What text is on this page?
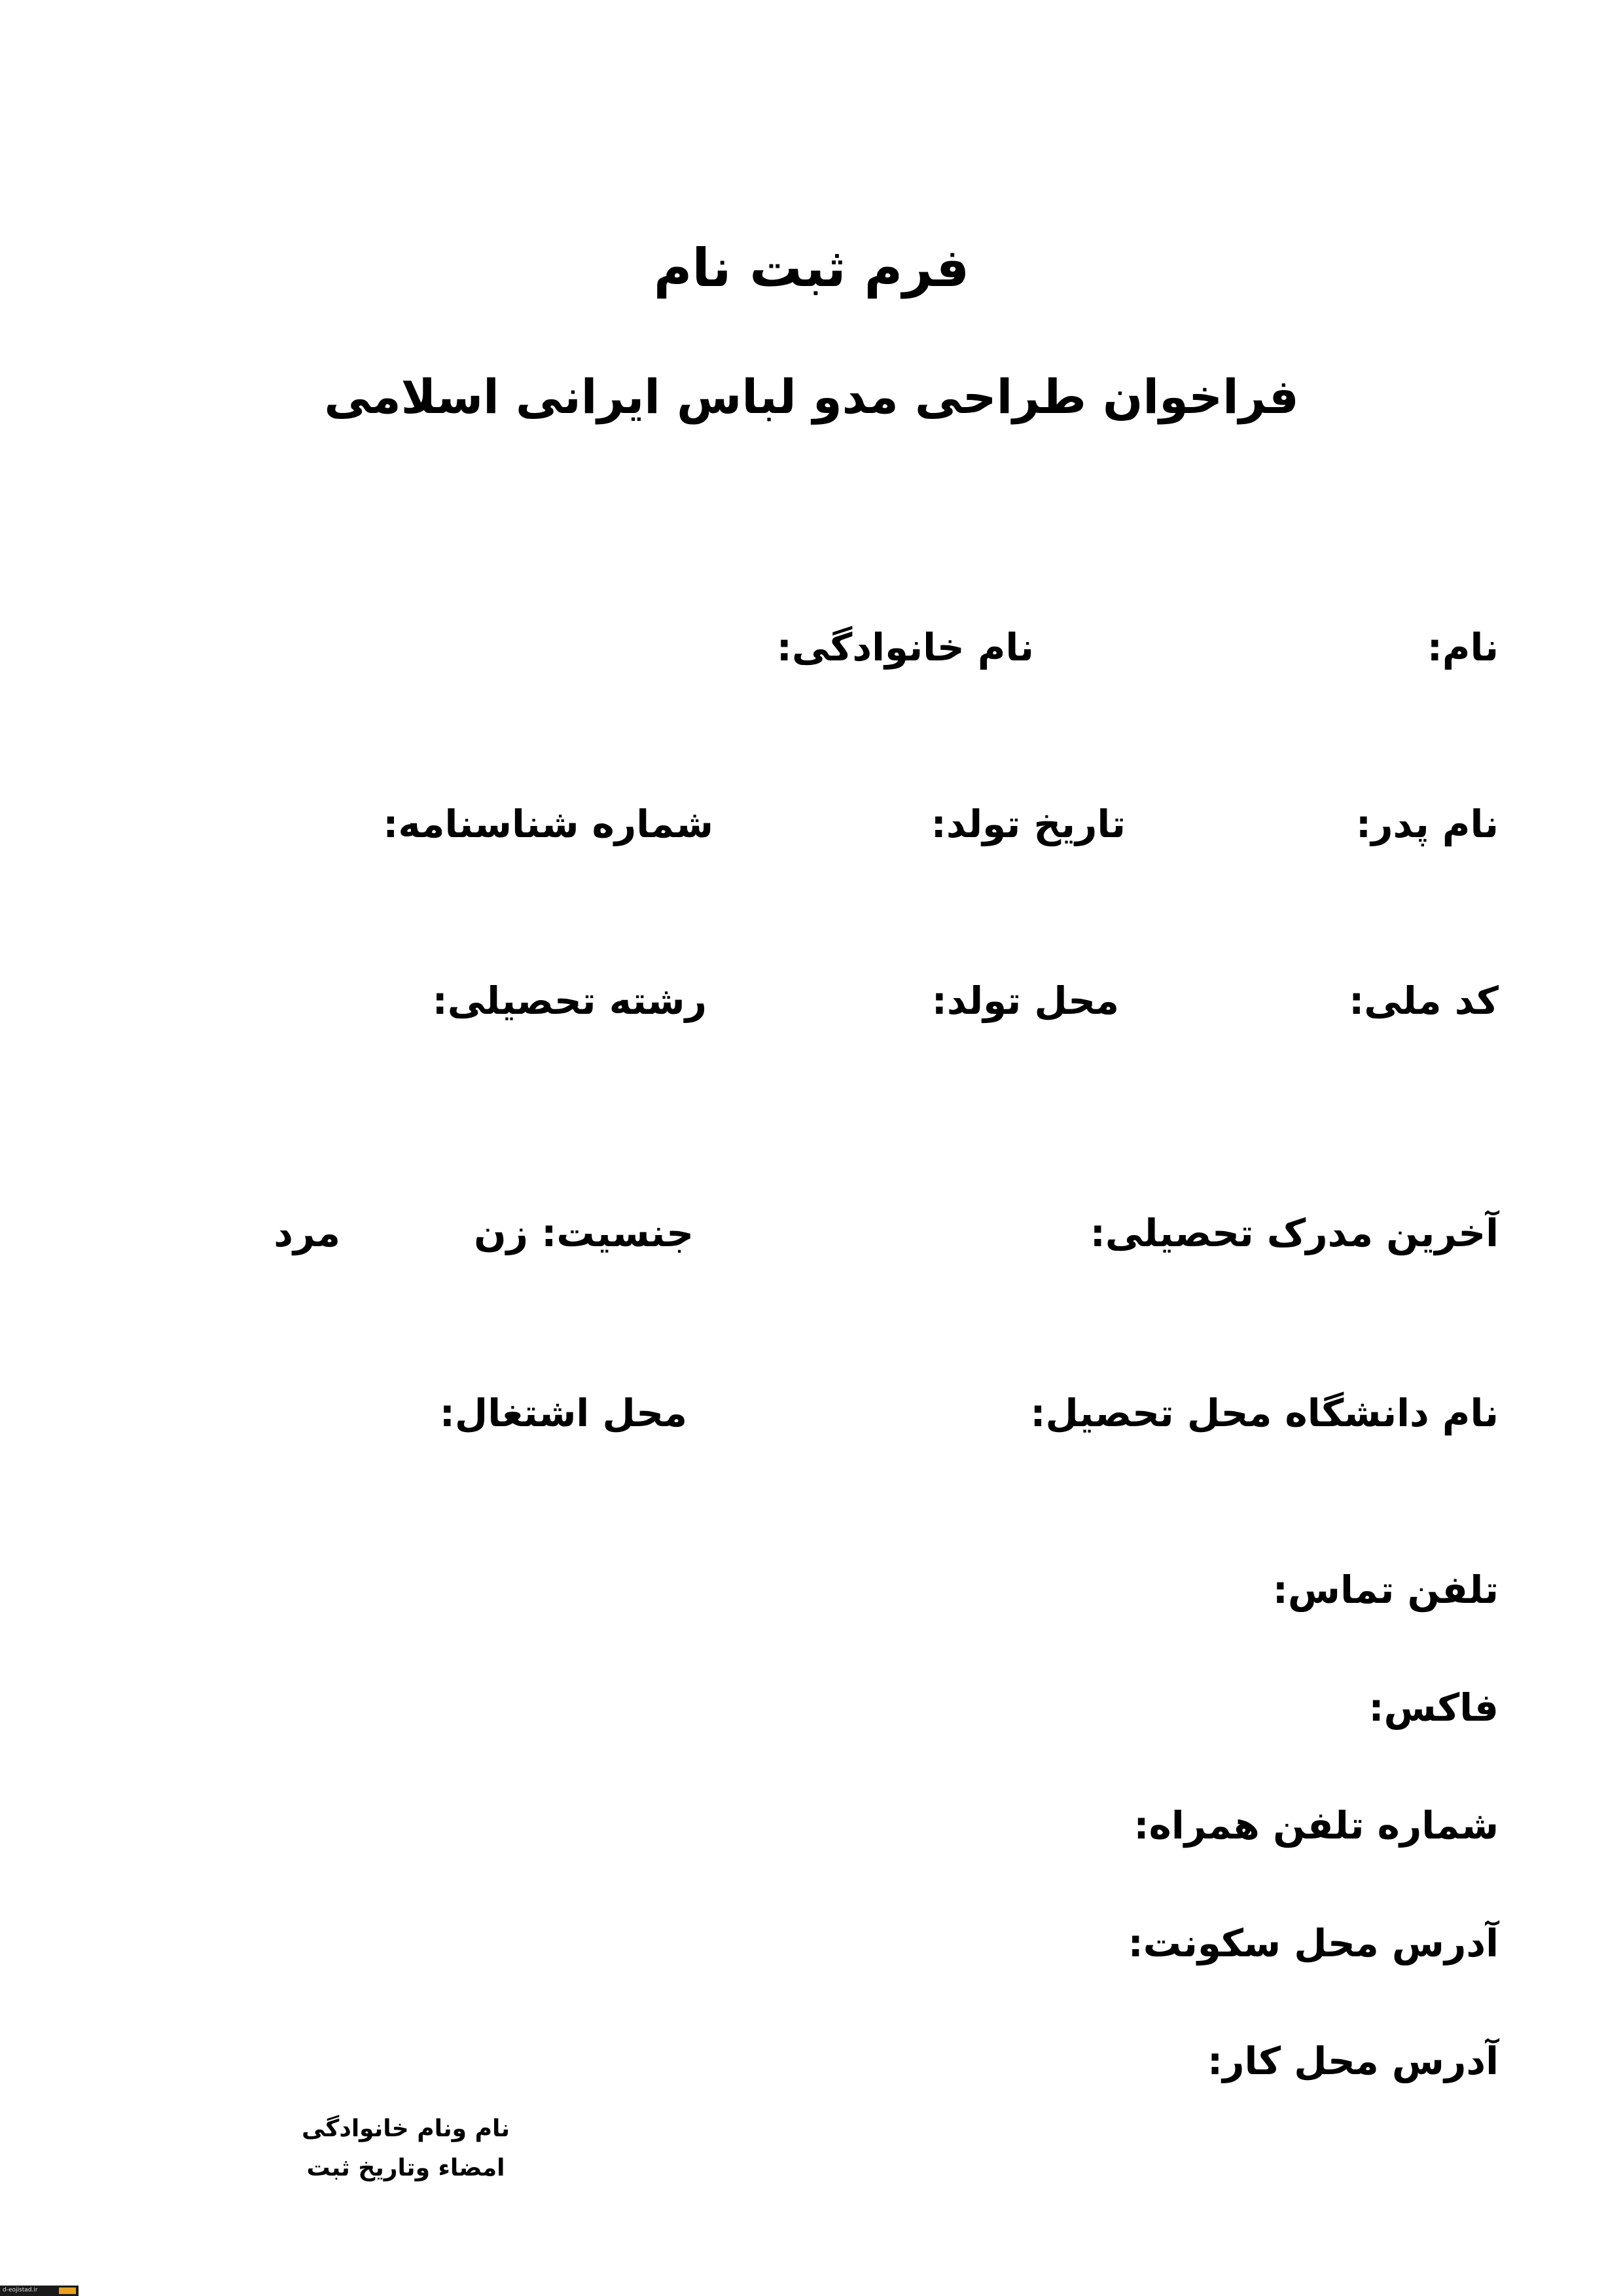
فرم ثبت نام
فراخوان طراحی مدو لباس ایرانی اسلامی
نام:
نام خانوادگی:
نام پدر:
تاریخ تولد:
شماره شناسنامه:
کد ملی:
محل تولد:
رشته تحصیلی:
آخرین مدرک تحصیلی:
جنسیت: زن
مرد
نام دانشگاه محل تحصیل:
محل اشتغال:
تلفن تماس:
فاکس:
شماره تلفن همراه:
آدرس محل سکونت:
آدرس محل کار:
نام ونام خانوادگی
امضاء وتاریخ ثبت
d-eojistad.ir
